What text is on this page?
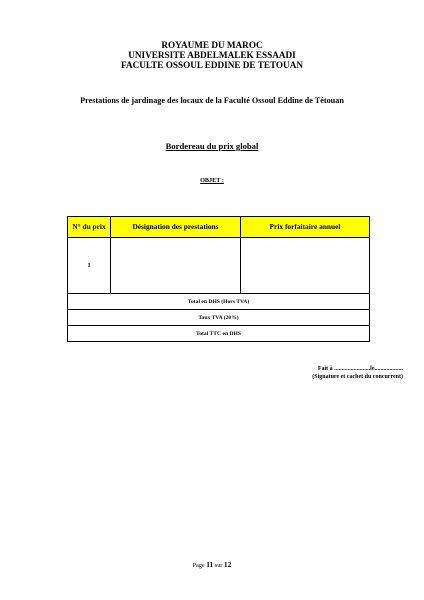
ROYAUME DU MAROC
UNIVERSITE ABDELMALEK ESSAADI
FACULTE OSSOUL EDDINE DE TETOUAN
Prestations de jardinage des locaux de la Faculté Ossoul Eddine de Tétouan
Bordereau du prix global
OBJET :
N° du prix	Désignation des prestations	Prix forfaitaire annuel
1		
Total en DHS (Hors TVA)		
Taux TVA (20%)		
Total TTC en DHS		
Fait à ........................le...................
(Signature et cachet du concurrent)
Page 11 sur 12
